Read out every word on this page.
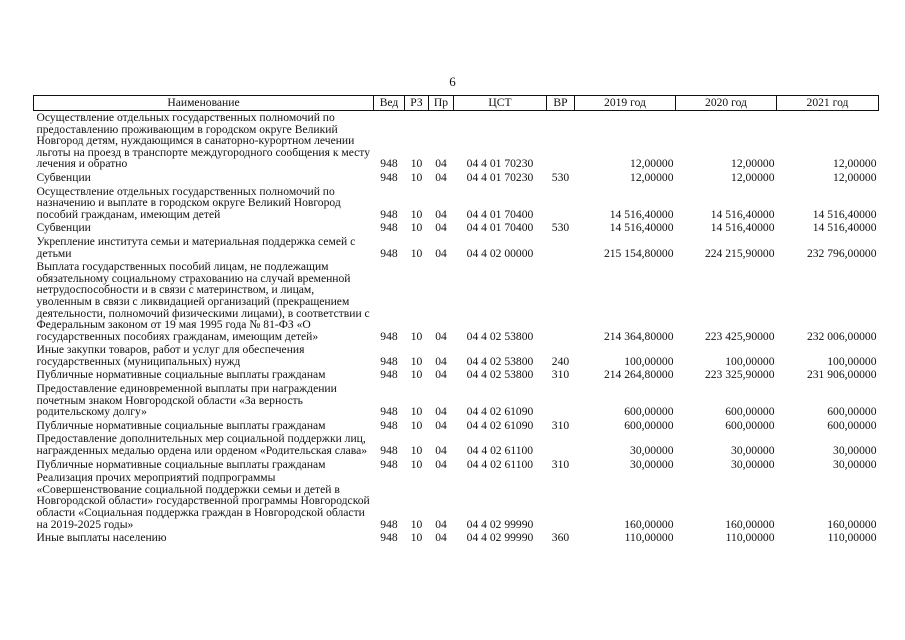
6
Наименование	Вед	РЗ	Пр	ЦСТ	ВР	2019 год	2020 год	2021 год
Осуществление отдельных государственных полномочий по предоставлению проживающим в городском округе Великий Новгород детям, нуждающимся в санаторно-курортном лечении льготы на проезд в транспорте междугородного сообщения к месту лечения и обратно	948	10	04	04 4 01 70230		12,00000	12,00000	12,00000
Субвенции	948	10	04	04 4 01 70230	530	12,00000	12,00000	12,00000
Осуществление отдельных государственных полномочий по назначению и выплате в городском округе Великий Новгород пособий гражданам, имеющим детей	948	10	04	04 4 01 70400		14 516,40000	14 516,40000	14 516,40000
Субвенции	948	10	04	04 4 01 70400	530	14 516,40000	14 516,40000	14 516,40000
Укрепление института семьи и материальная поддержка семей с детьми	948	10	04	04 4 02 00000		215 154,80000	224 215,90000	232 796,00000
Выплата государственных пособий лицам, не подлежащим обязательному социальному страхованию на случай временной нетрудоспособности и в связи с материнством, и лицам, уволенным в связи с ликвидацией организаций (прекращением деятельности, полномочий физическими лицами), в соответствии с Федеральным законом от 19 мая 1995 года № 81-ФЗ «О государственных пособиях гражданам, имеющим детей»	948	10	04	04 4 02 53800		214 364,80000	223 425,90000	232 006,00000
Иные закупки товаров, работ и услуг для обеспечения государственных (муниципальных) нужд	948	10	04	04 4 02 53800	240	100,00000	100,00000	100,00000
Публичные нормативные социальные выплаты гражданам	948	10	04	04 4 02 53800	310	214 264,80000	223 325,90000	231 906,00000
Предоставление единовременной выплаты при награждении почетным знаком Новгородской области «За верность родительскому долгу»	948	10	04	04 4 02 61090		600,00000	600,00000	600,00000
Публичные нормативные социальные выплаты гражданам	948	10	04	04 4 02 61090	310	600,00000	600,00000	600,00000
Предоставление дополнительных мер социальной поддержки лиц, награжденных медалью ордена или орденом «Родительская слава»	948	10	04	04 4 02 61100		30,00000	30,00000	30,00000
Публичные нормативные социальные выплаты гражданам	948	10	04	04 4 02 61100	310	30,00000	30,00000	30,00000
Реализация прочих мероприятий подпрограммы «Совершенствование социальной поддержки семьи и детей в Новгородской области» государственной программы Новгородской области «Социальная поддержка граждан в Новгородской области на 2019-2025 годы»	948	10	04	04 4 02 99990		160,00000	160,00000	160,00000
Иные выплаты населению	948	10	04	04 4 02 99990	360	110,00000	110,00000	110,00000
